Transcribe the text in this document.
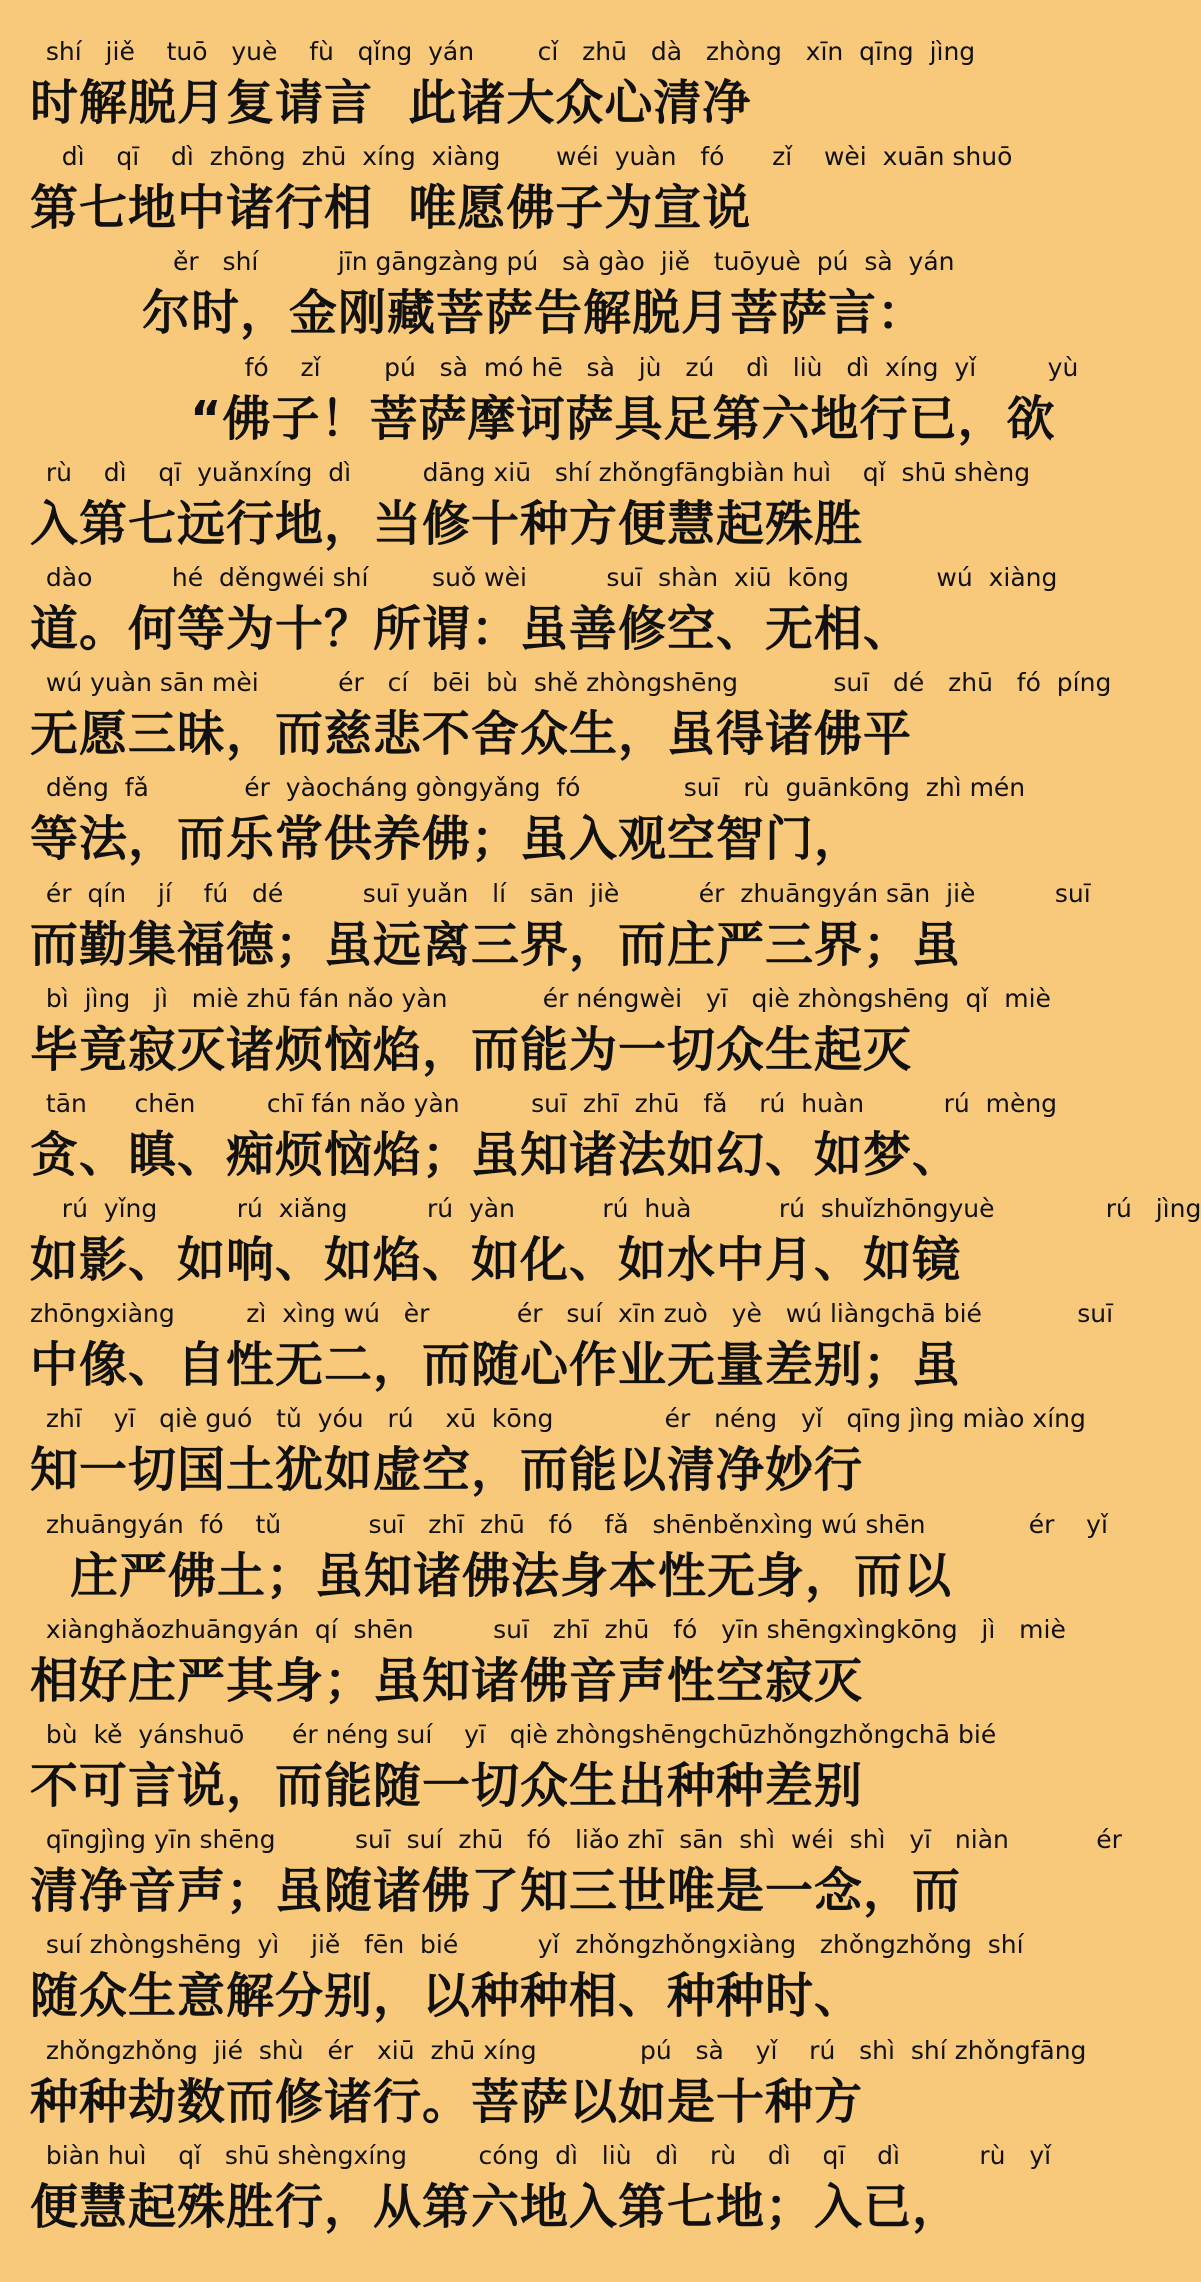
shí   jiě    tuō   yuè    fù   qǐng  yán        cǐ   zhū   dà   zhòng   xīn  qīng  jìng
时解脱月复请言  此诸大众心清净
dì    qī    dì  zhōng  zhū  xíng  xiàng       wéi  yuàn   fó      zǐ    wèi  xuān shuō
第七地中诸行相  唯愿佛子为宣说
ěr   shí          jīn gāngzàng pú   sà gào  jiě   tuōyuè  pú  sà  yán
尔时，金刚藏菩萨告解脱月菩萨言：
fó    zǐ        pú   sà  mó hē   sà   jù   zú    dì   liù   dì  xíng  yǐ         yù
“佛子！菩萨摩诃萨具足第六地行已，欲
rù    dì    qī  yuǎnxíng  dì         dāng xiū   shí zhǒngfāngbiàn huì    qǐ  shū shèng
入第七远行地，当修十种方便慧起殊胜
dào          hé  děngwéi shí        suǒ wèi          suī  shàn  xiū  kōng           wú  xiàng
道。何等为十？所谓：虽善修空、无相、
wú yuàn sān mèi          ér   cí   bēi  bù  shě zhòngshēng            suī   dé   zhū   fó  píng
无愿三昧，而慈悲不舍众生，虽得诸佛平
děng  fǎ            ér  yàocháng gòngyǎng  fó             suī   rù  guānkōng  zhì mén
等法，而乐常供养佛；虽入观空智门，
ér  qín    jí    fú   dé          suī yuǎn   lí   sān  jiè          ér  zhuāngyán sān  jiè          suī
而勤集福德；虽远离三界，而庄严三界；虽
bì  jìng   jì   miè zhū fán nǎo yàn            ér néngwèi   yī   qiè zhòngshēng  qǐ  miè
毕竟寂灭诸烦恼焰，而能为一切众生起灭
tān      chēn         chī fán nǎo yàn         suī  zhī  zhū   fǎ    rú  huàn          rú  mèng
贪、瞋、痴烦恼焰；虽知诸法如幻、如梦、
rú  yǐng          rú  xiǎng          rú  yàn           rú  huà           rú  shuǐzhōngyuè              rú   jìng
如影、如响、如焰、如化、如水中月、如镜
zhōngxiàng         zì  xìng wú   èr           ér   suí  xīn zuò   yè   wú liàngchā bié            suī
中像、自性无二，而随心作业无量差别；虽
zhī    yī   qiè guó   tǔ  yóu   rú    xū  kōng              ér   néng   yǐ   qīng jìng miào xíng
知一切国土犹如虚空，而能以清净妙行
zhuāngyán  fó    tǔ           suī   zhī  zhū   fó    fǎ   shēnběnxìng wú shēn             ér    yǐ
庄严佛土；虽知诸佛法身本性无身，而以
xiànghǎozhuāngyán  qí  shēn          suī   zhī  zhū   fó   yīn shēngxìngkōng   jì   miè
相好庄严其身；虽知诸佛音声性空寂灭
bù  kě  yánshuō      ér néng suí    yī   qiè zhòngshēngchūzhǒngzhǒngchā bié
不可言说，而能随一切众生出种种差别
qīngjìng yīn shēng          suī  suí  zhū   fó   liǎo zhī  sān  shì  wéi  shì   yī   niàn           ér
清净音声；虽随诸佛了知三世唯是一念，而
suí zhòngshēng  yì    jiě   fēn  bié          yǐ  zhǒngzhǒngxiàng   zhǒngzhǒng  shí
随众生意解分别，以种种相、种种时、
zhǒngzhǒng  jié  shù   ér   xiū  zhū xíng             pú   sà    yǐ    rú   shì  shí zhǒngfāng
种种劫数而修诸行。菩萨以如是十种方
biàn huì    qǐ   shū shèngxíng         cóng  dì   liù   dì    rù    dì    qī    dì          rù   yǐ
便慧起殊胜行，从第六地入第七地；入已，
